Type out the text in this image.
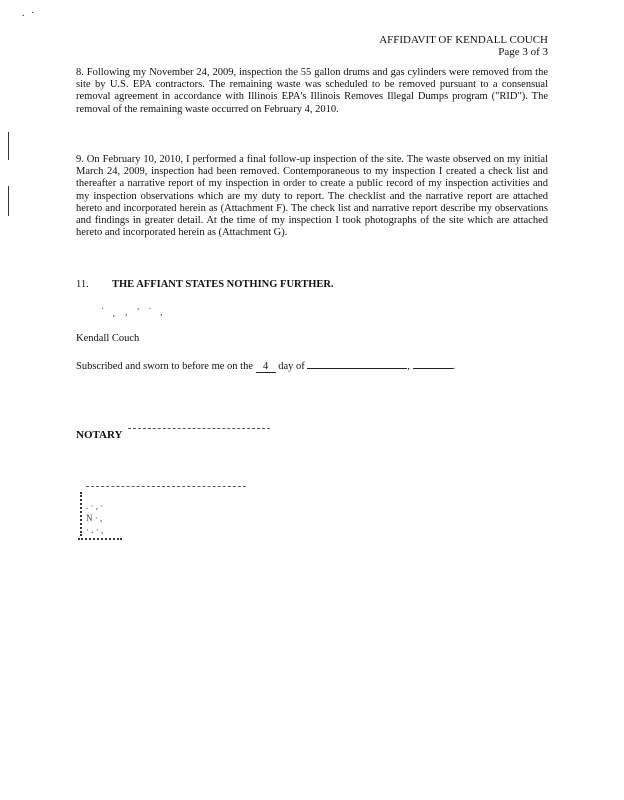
. ·
AFFIDAVIT OF KENDALL COUCH
Page 3 of 3
8. Following my November 24, 2009, inspection the 55 gallon drums and gas cylinders were removed from the site by U.S. EPA contractors. The remaining waste was scheduled to be removed pursuant to a consensual removal agreement in accordance with Illinois EPA's Illinois Removes Illegal Dumps program ("RID"). The removal of the remaining waste occurred on February 4, 2010.
9. On February 10, 2010, I performed a final follow-up inspection of the site. The waste observed on my initial March 24, 2009, inspection had been removed. Contemporaneous to my inspection I created a check list and thereafter a narrative report of my inspection in order to create a public record of my inspection activities and my inspection observations which are my duty to report. The checklist and the narrative report are attached hereto and incorporated herein as (Attachment F). The check list and narrative report describe my observations and findings in greater detail. At the time of my inspection I took photographs of the site which are attached hereto and incorporated herein as (Attachment G).
11. THE AFFIANT STATES NOTHING FURTHER.
˙ ˛ , ' ˙ ,
Kendall Couch
Subscribed and sworn to before me on the 4 day of	,	.
NOTARY
. · , ·
N · ,
· . · ,
